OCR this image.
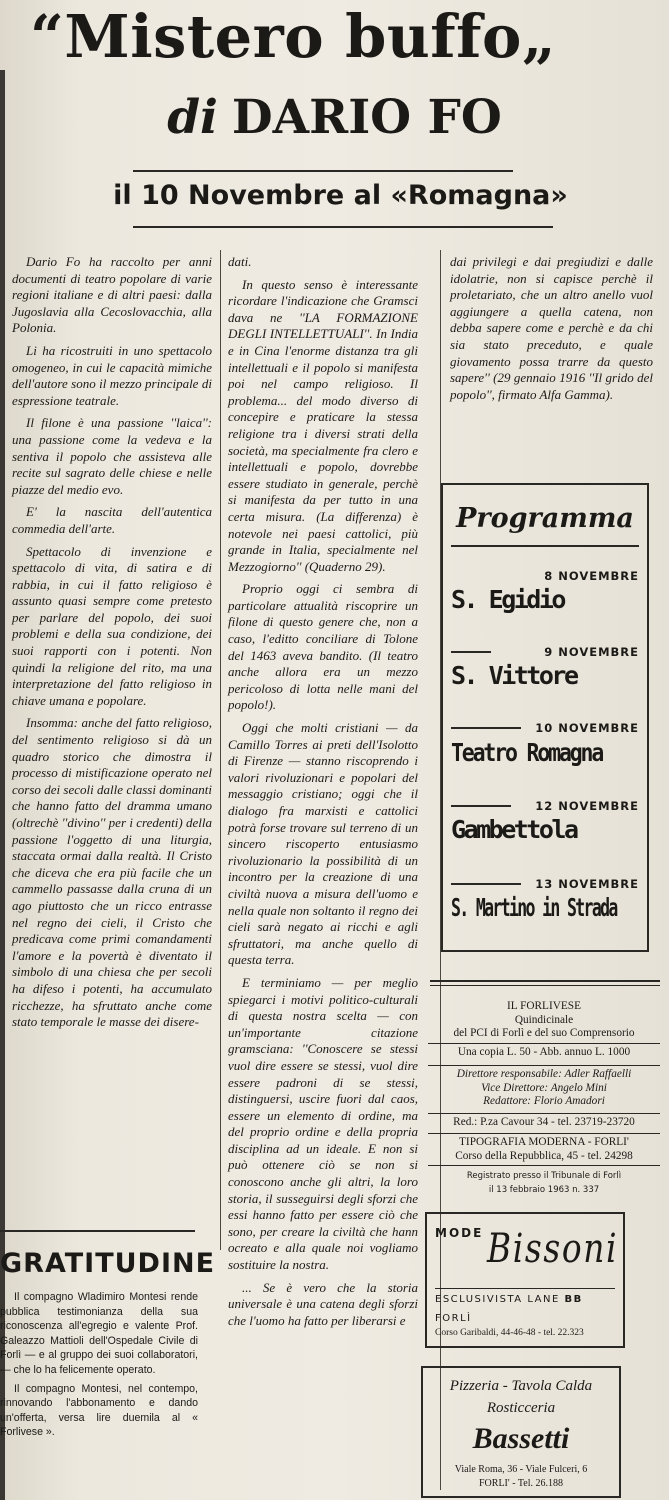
“Mistero buffo„
di DARIO FO
il 10 Novembre al «Romagna»

Dario Fo ha raccolto per anni documenti di teatro popolare di varie regioni italiane e di altri paesi: dalla Jugoslavia alla Cecoslovacchia, alla Polonia.

Li ha ricostruiti in uno spettacolo omogeneo, in cui le capacità mimiche dell'autore sono il mezzo principale di espressione teatrale.

Il filone è una passione ''laica'': una passione come la vedeva e la sentiva il popolo che assisteva alle recite sul sagrato delle chiese e nelle piazze del medio evo.

E' la nascita dell'autentica commedia dell'arte.

Spettacolo di invenzione e spettacolo di vita, di satira e di rabbia, in cui il fatto religioso è assunto quasi sempre come pretesto per parlare del popolo, dei suoi problemi e della sua condizione, dei suoi rapporti con i potenti. Non quindi la religione del rito, ma una interpretazione del fatto religioso in chiave umana e popolare.

Insomma: anche del fatto religioso, del sentimento religioso si dà un quadro storico che dimostra il processo di mistificazione operato nel corso dei secoli dalle classi dominanti che hanno fatto del dramma umano (oltrechè ''divino'' per i credenti) della passione l'oggetto di una liturgia, staccata ormai dalla realtà. Il Cristo che diceva che era più facile che un cammello passasse dalla cruna di un ago piuttosto che un ricco entrasse nel regno dei cieli, il Cristo che predicava come primi comandamenti l'amore e la povertà è diventato il simbolo di una chiesa che per secoli ha difeso i potenti, ha accumulato ricchezze, ha sfruttato anche come stato temporale le masse dei disere-

dati.

In questo senso è interessante ricordare l'indicazione che Gramsci dava ne ''LA FORMAZIONE DEGLI INTELLETTUALI''. In India e in Cina l'enorme distanza tra gli intellettuali e il popolo si manifesta poi nel campo religioso. Il problema... del modo diverso di concepire e praticare la stessa religione tra i diversi strati della società, ma specialmente fra clero e intellettuali e popolo, dovrebbe essere studiato in generale, perchè si manifesta da per tutto in una certa misura. (La differenza) è notevole nei paesi cattolici, più grande in Italia, specialmente nel Mezzogiorno'' (Quaderno 29).

Proprio oggi ci sembra di particolare attualità riscoprire un filone di questo genere che, non a caso, l'editto conciliare di Tolone del 1463 aveva bandito. (Il teatro anche allora era un mezzo pericoloso di lotta nelle mani del popolo!).

Oggi che molti cristiani — da Camillo Torres ai preti dell'Isolotto di Firenze — stanno riscoprendo i valori rivoluzionari e popolari del messaggio cristiano; oggi che il dialogo fra marxisti e cattolici potrà forse trovare sul terreno di un sincero riscoperto entusiasmo rivoluzionario la possibilità di un incontro per la creazione di una civiltà nuova a misura dell'uomo e nella quale non soltanto il regno dei cieli sarà negato ai ricchi e agli sfruttatori, ma anche quello di questa terra.

E terminiamo — per meglio spiegarci i motivi politico-culturali di questa nostra scelta — con un'importante citazione gramsciana: ''Conoscere se stessi vuol dire essere se stessi, vuol dire essere padroni di se stessi, distinguersi, uscire fuori dal caos, essere un elemento di ordine, ma del proprio ordine e della propria disciplina ad un ideale. E non si può ottenere ciò se non si conoscono anche gli altri, la loro storia, il susseguirsi degli sforzi che essi hanno fatto per essere ciò che sono, per creare la civiltà che hann ocreato e alla quale noi vogliamo sostituire la nostra.

... Se è vero che la storia universale è una catena degli sforzi che l'uomo ha fatto per liberarsi e

dai privilegi e dai pregiudizi e dalle idolatrie, non si capisce perchè il proletariato, che un altro anello vuol aggiungere a quella catena, non debba sapere come e perchè e da chi sia stato preceduto, e quale giovamento possa trarre da questo sapere'' (29 gennaio 1916 ''Il grido del popolo'', firmato Alfa Gamma).

GRATITUDINE

Il compagno Wladimiro Montesi rende pubblica testimonianza della sua riconoscenza all'egregio e valente Prof. Galeazzo Mattioli dell'Ospedale Civile di Forlì — e al gruppo dei suoi collaboratori, — che lo ha felicemente operato.

Il compagno Montesi, nel contempo, rinnovando l'abbonamento e dando un'offerta, versa lire duemila al « Forlivese ».

Programma
8 NOVEMBRE
S. Egidio
9 NOVEMBRE
S. Vittore
10 NOVEMBRE
Teatro Romagna
12 NOVEMBRE
Gambettola
13 NOVEMBRE
S. Martino in Strada
IL FORLIVESE
Quindicinale
del PCI di Forlì e del suo Comprensorio
Una copia L. 50 - Abb. annuo L. 1000
Direttore responsabile: Adler Raffaelli
Vice Direttore: Angelo Mini
Redattore: Florio Amadori
Red.: P.za Cavour 34 - tel. 23719-23720
TIPOGRAFIA MODERNA - FORLI'
Corso della Repubblica, 45 - tel. 24298
Registrato presso il Tribunale di Forlì
il 13 febbraio 1963 n. 337
MODE Bissoni
ESCLUSIVISTA LANE BB
FORLÌ
Corso Garibaldi, 44-46-48 - tel. 22.323
Pizzeria - Tavola Calda
Rosticceria
Bassetti
Viale Roma, 36 - Viale Fulceri, 6
FORLI' - Tel. 26.188
